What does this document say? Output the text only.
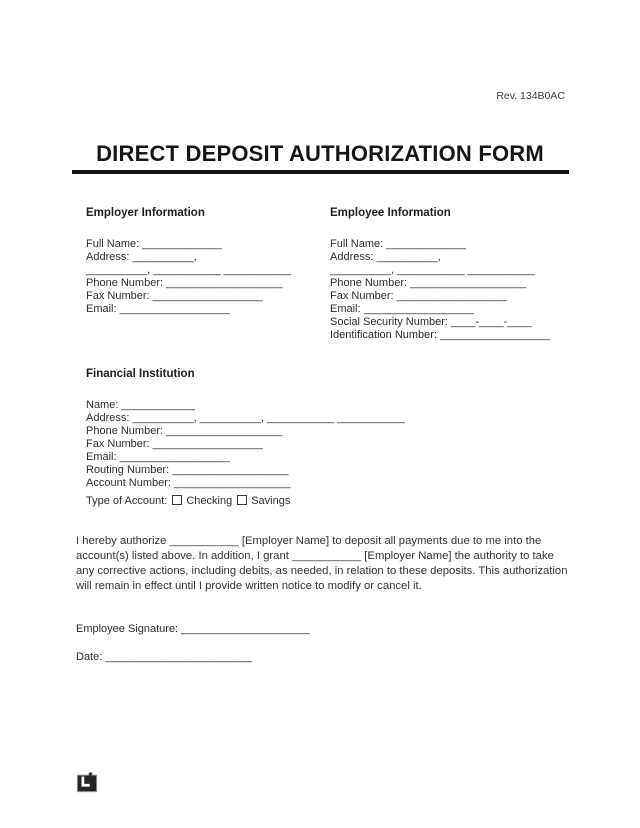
Rev. 134B0AC
DIRECT DEPOSIT AUTHORIZATION FORM
Employer Information
Full Name: _____________
Address: __________,
__________, ___________ ___________
Phone Number: ___________________
Fax Number: __________________
Email: __________________
Employee Information
Full Name: _____________
Address: __________,
__________, ___________ ___________
Phone Number: ___________________
Fax Number: __________________
Email: __________________
Social Security Number: ____-____-____
Identification Number: __________________
Financial Institution
Name: ____________
Address: __________, __________, ___________ ___________
Phone Number: ___________________
Fax Number: __________________
Email: __________________
Routing Number: ___________________
Account Number: ___________________
Type of Account: Checking Savings

I hereby authorize ___________ [Employer Name] to deposit all payments due to me into the account(s) listed above. In addition, I grant ___________ [Employer Name] the authority to take any corrective actions, including debits, as needed, in relation to these deposits. This authorization will remain in effect until I provide written notice to modify or cancel it.

Employee Signature: _____________________
Date: ________________________
